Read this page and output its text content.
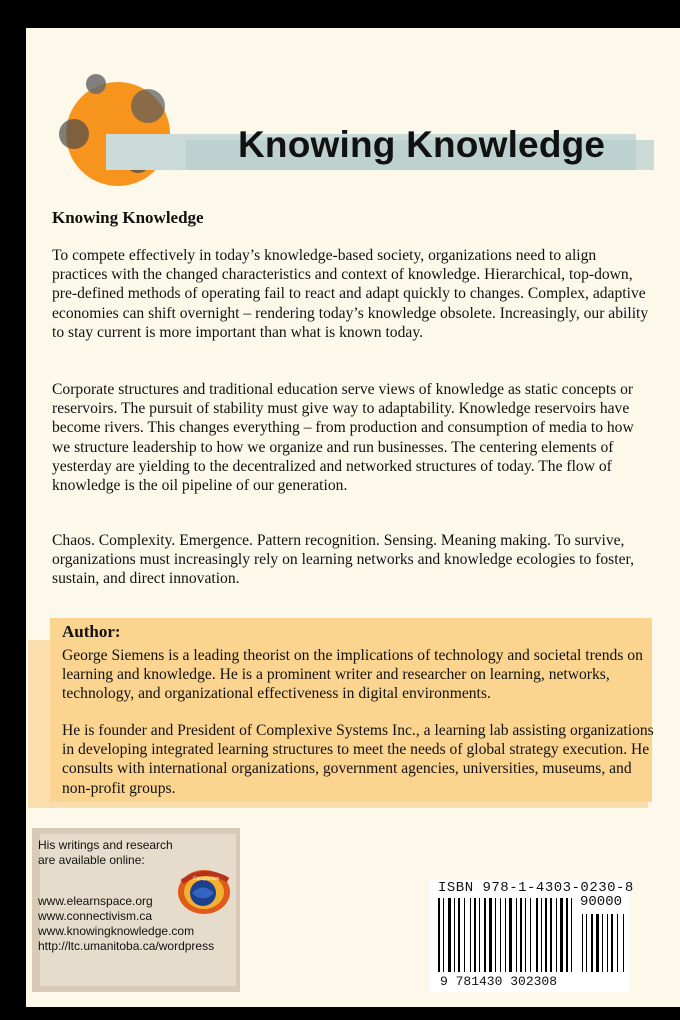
Knowing Knowledge
Knowing Knowledge

To compete effectively in today’s knowledge-based society, organizations need to align practices with the changed characteristics and context of knowledge. Hierarchical, top-down, pre-defined methods of operating fail to react and adapt quickly to changes. Complex, adaptive economies can shift overnight – rendering today’s knowledge obsolete. Increasingly, our ability to stay current is more important than what is known today.

Corporate structures and traditional education serve views of knowledge as static concepts or reservoirs. The pursuit of stability must give way to adaptability. Knowledge reservoirs have become rivers. This changes everything – from production and consumption of media to how we structure leadership to how we organize and run businesses. The centering elements of yesterday are yielding to the decentralized and networked structures of today. The flow of knowledge is the oil pipeline of our generation.

Chaos. Complexity. Emergence. Pattern recognition. Sensing. Meaning making. To survive, organizations must increasingly rely on learning networks and knowledge ecologies to foster, sustain, and direct innovation.

Author:

George Siemens is a leading theorist on the implications of technology and societal trends on learning and knowledge. He is a prominent writer and researcher on learning, networks, technology, and organizational effectiveness in digital environments.

He is founder and President of Complexive Systems Inc., a learning lab assisting organizations in developing integrated learning structures to meet the needs of global strategy execution. He consults with international organizations, government agencies, universities, museums, and non-profit groups.

His writings and research are available online:

www.elearnspace.org
www.connectivism.ca
www.knowingknowledge.com
http://ltc.umanitoba.ca/wordpress
Complexive
ISBN 978-1-4303-0230-8
90000
9 781430 302308
